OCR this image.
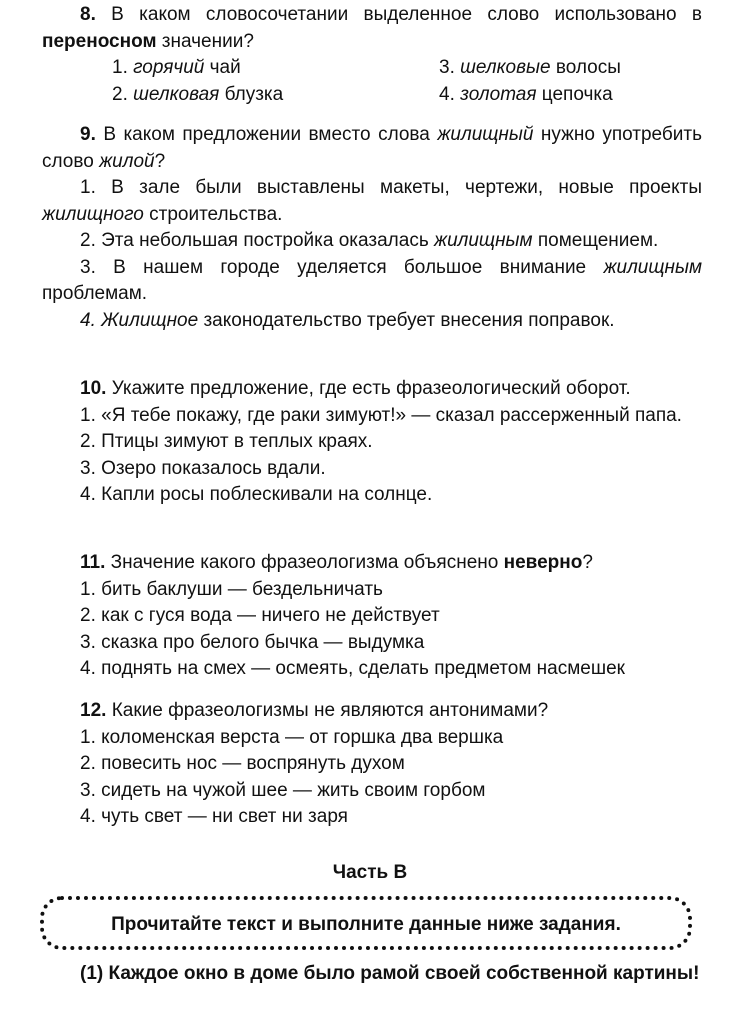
8. В каком словосочетании выделенное слово использовано в переносном значении?

1. горячий чай	3. шелковые волосы
2. шелковая блузка	4. золотая цепочка

9. В каком предложении вместо слова жилищный нужно употребить слово жилой?

1. В зале были выставлены макеты, чертежи, новые проекты жилищного строительства.

2. Эта небольшая постройка оказалась жилищным помещением.

3. В нашем городе уделяется большое внимание жилищным проблемам.

4. Жилищное законодательство требует внесения поправок.

10. Укажите предложение, где есть фразеологический оборот.

1. «Я тебе покажу, где раки зимуют!» — сказал рассерженный папа.

2. Птицы зимуют в теплых краях.

3. Озеро показалось вдали.

4. Капли росы поблескивали на солнце.

11. Значение какого фразеологизма объяснено неверно?

1. бить баклуши — бездельничать

2. как с гуся вода — ничего не действует

3. сказка про белого бычка — выдумка

4. поднять на смех — осмеять, сделать предметом насмешек

12. Какие фразеологизмы не являются антонимами?

1. коломенская верста — от горшка два вершка

2. повесить нос — воспрянуть духом

3. сидеть на чужой шее — жить своим горбом

4. чуть свет — ни свет ни заря

Часть В
Прочитайте текст и выполните данные ниже задания.
(1) Каждое окно в доме было рамой своей собственной картины!
